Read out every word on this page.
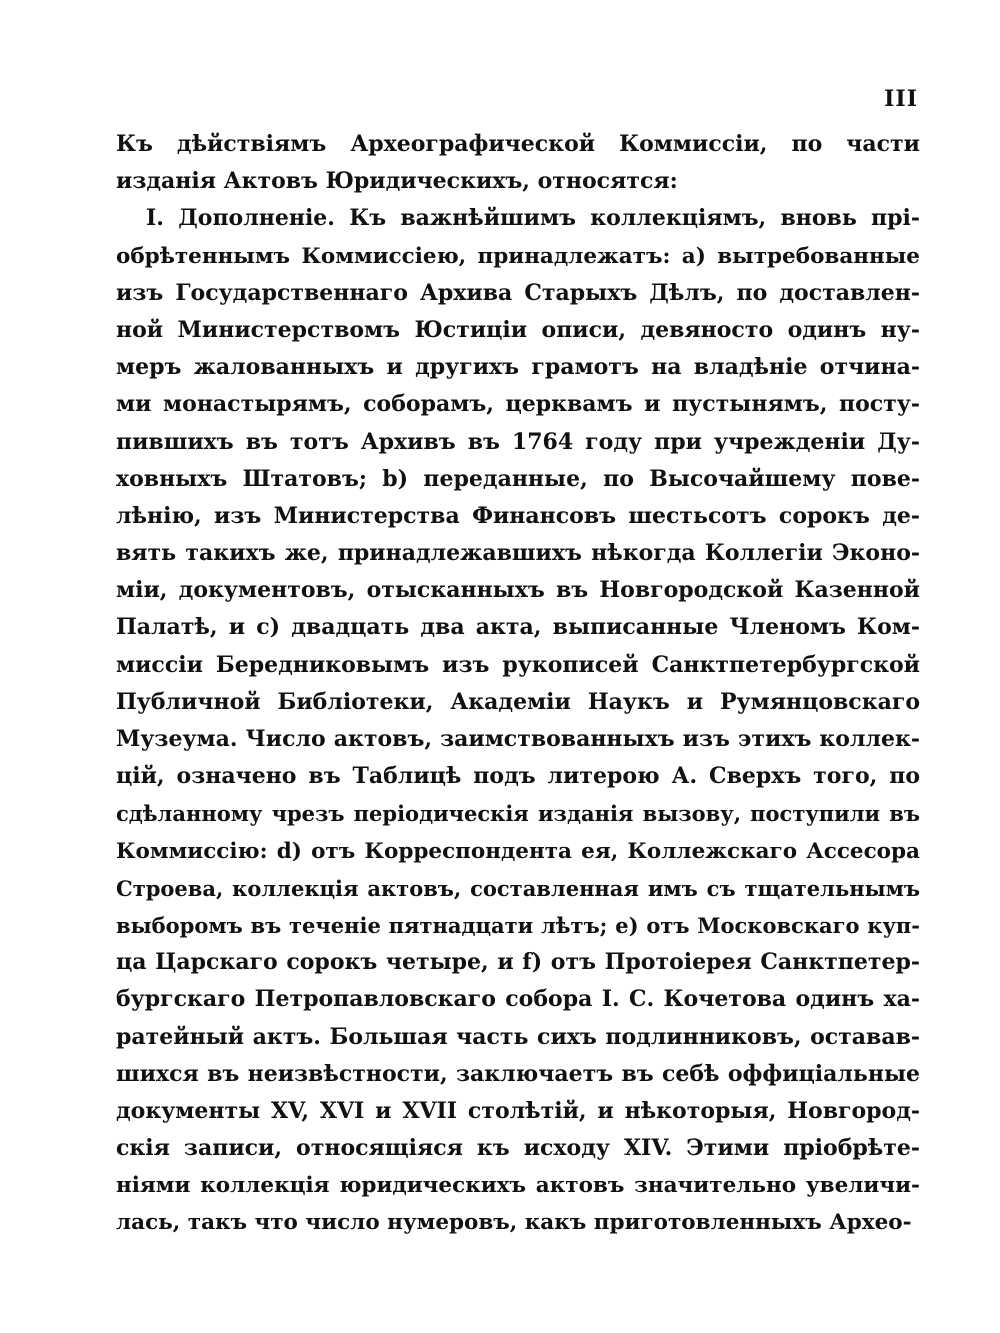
III
Къ дѣйствіямъ Археографической Коммиссіи, по части
изданія Актовъ Юридическихъ, относятся:
I. Дополненіе. Къ важнѣйшимъ коллекціямъ, вновь прі-
обрѣтеннымъ Коммиссіею, принадлежатъ: а) вытребованные
изъ Государственнаго Архива Старыхъ Дѣлъ, по доставлен-
ной Министерствомъ Юстиціи описи, девяносто одинъ ну-
меръ жалованныхъ и другихъ грамотъ на владѣніе отчина-
ми монастырямъ, соборамъ, церквамъ и пустынямъ, посту-
пившихъ въ тотъ Архивъ въ 1764 году при учрежденіи Ду-
ховныхъ Штатовъ; b) переданные, по Высочайшему пове-
лѣнію, изъ Министерства Финансовъ шестьсотъ сорокъ де-
вять такихъ же, принадлежавшихъ нѣкогда Коллегіи Эконо-
міи, документовъ, отысканныхъ въ Новгородской Казенной
Палатѣ, и с) двадцать два акта, выписанные Членомъ Ком-
миссіи Бередниковымъ изъ рукописей Санктпетербургской
Публичной Библіотеки, Академіи Наукъ и Румянцовскаго
Музеума. Число актовъ, заимствованныхъ изъ этихъ коллек-
цій, означено въ Таблицѣ подъ литерою А. Сверхъ того, по
сдѣланному чрезъ періодическія изданія вызову, поступили въ
Коммиссію: d) отъ Корреспондента ея, Коллежскаго Ассесора
Строева, коллекція актовъ, составленная имъ съ тщательнымъ
выборомъ въ теченіе пятнадцати лѣтъ; е) отъ Московскаго куп-
ца Царскаго сорокъ четыре, и f) отъ Протоіерея Санктпетер-
бургскаго Петропавловскаго собора І. С. Кочетова одинъ ха-
ратейный актъ. Большая часть сихъ подлинниковъ, оставав-
шихся въ неизвѣстности, заключаетъ въ себѣ оффиціальные
документы XV, XVI и XVII столѣтій, и нѣкоторыя, Новгород-
скія записи, относящіяся къ исходу XIV. Этими пріобрѣте-
ніями коллекція юридическихъ актовъ значительно увеличи-
лась, такъ что число нумеровъ, какъ приготовленныхъ Архео-
